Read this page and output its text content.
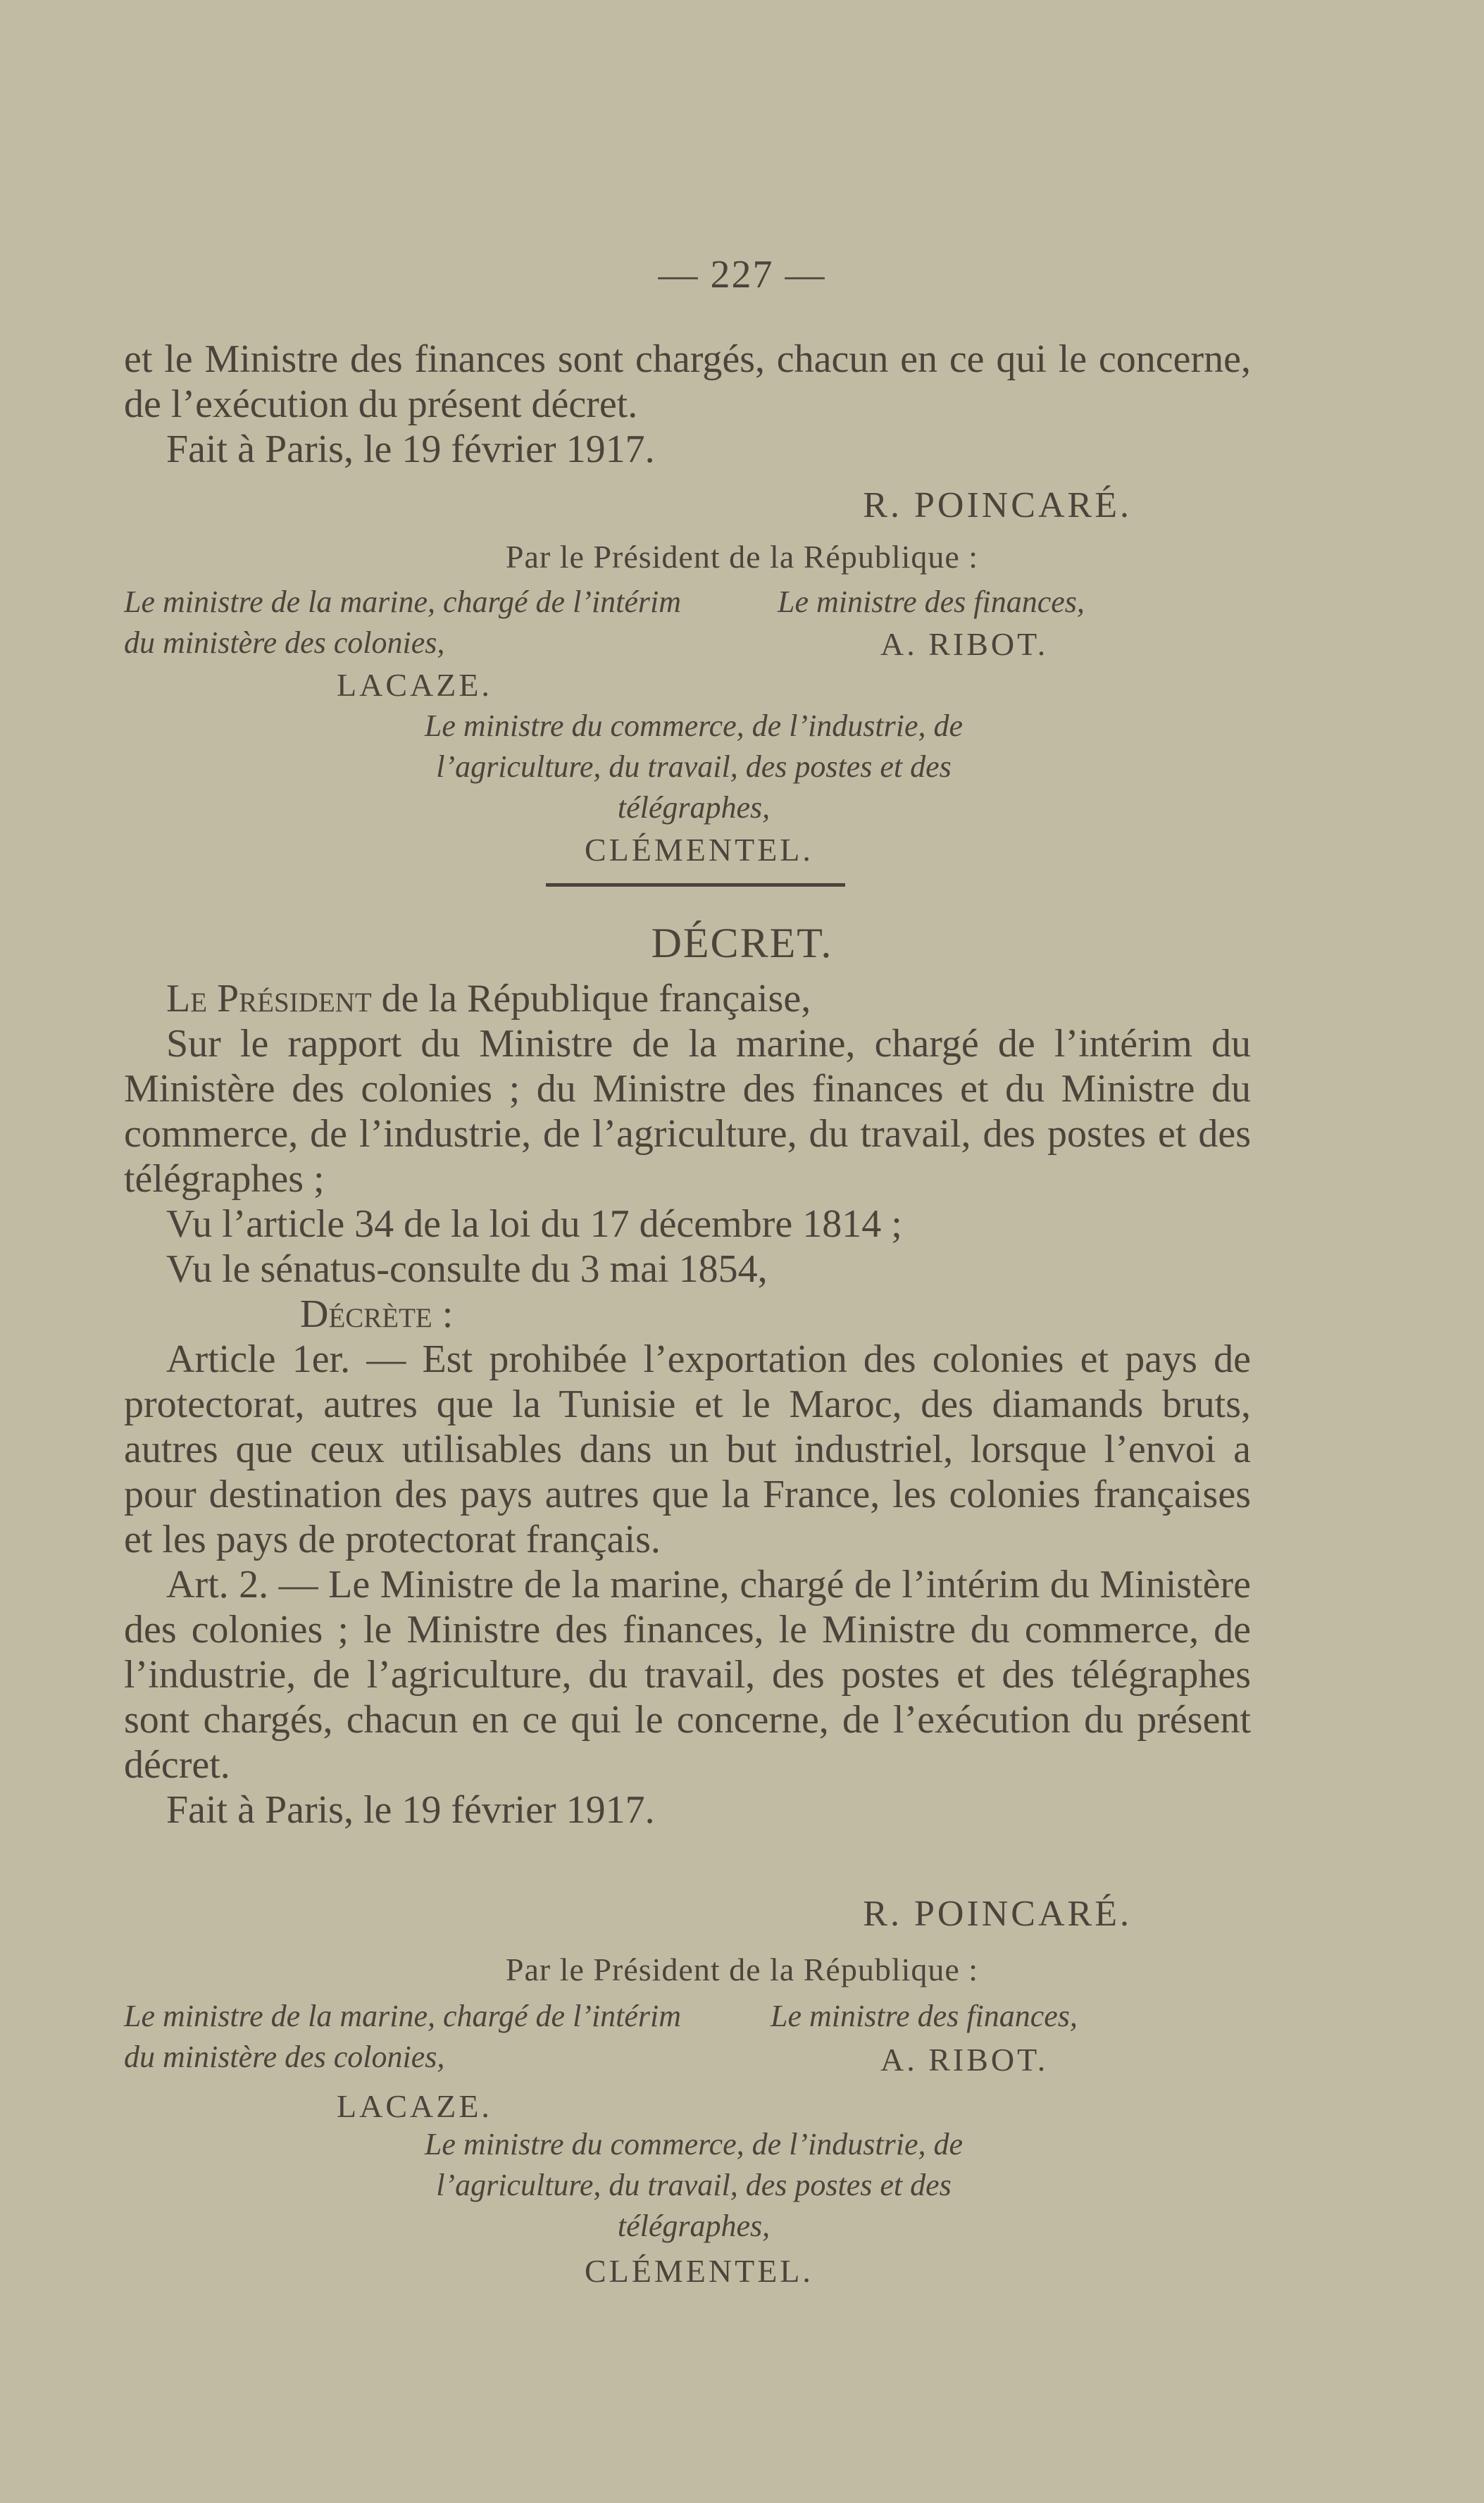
— 227 —

et le Ministre des finances sont chargés, chacun en ce qui le concerne, de l’exécution du présent décret.

Fait à Paris, le 19 février 1917.

R. POINCARÉ.
Par le Président de la République :
Le ministre de la marine, chargé de l’intérim du ministère des colonies,
LACAZE.
Le ministre des finances,
A. RIBOT.
Le ministre du commerce, de l’industrie, de l’agriculture, du travail, des postes et des télégraphes,
CLÉMENTEL.
DÉCRET.

Le Président de la République française,

Sur le rapport du Ministre de la marine, chargé de l’intérim du Ministère des colonies ; du Ministre des finances et du Ministre du commerce, de l’industrie, de l’agriculture, du travail, des postes et des télégraphes ;

Vu l’article 34 de la loi du 17 décembre 1814 ;

Vu le sénatus-consulte du 3 mai 1854,

Décrète :

Article 1er. — Est prohibée l’exportation des colonies et pays de protectorat, autres que la Tunisie et le Maroc, des diamands bruts, autres que ceux utilisables dans un but industriel, lorsque l’envoi a pour destination des pays autres que la France, les colonies françaises et les pays de protectorat français.

Art. 2. — Le Ministre de la marine, chargé de l’intérim du Ministère des colonies ; le Ministre des finances, le Ministre du commerce, de l’industrie, de l’agriculture, du travail, des postes et des télégraphes sont chargés, chacun en ce qui le concerne, de l’exécution du présent décret.

Fait à Paris, le 19 février 1917.

R. POINCARÉ.
Par le Président de la République :
Le ministre de la marine, chargé de l’intérim du ministère des colonies,
LACAZE.
Le ministre des finances,
A. RIBOT.
Le ministre du commerce, de l’industrie, de l’agriculture, du travail, des postes et des télégraphes,
CLÉMENTEL.
